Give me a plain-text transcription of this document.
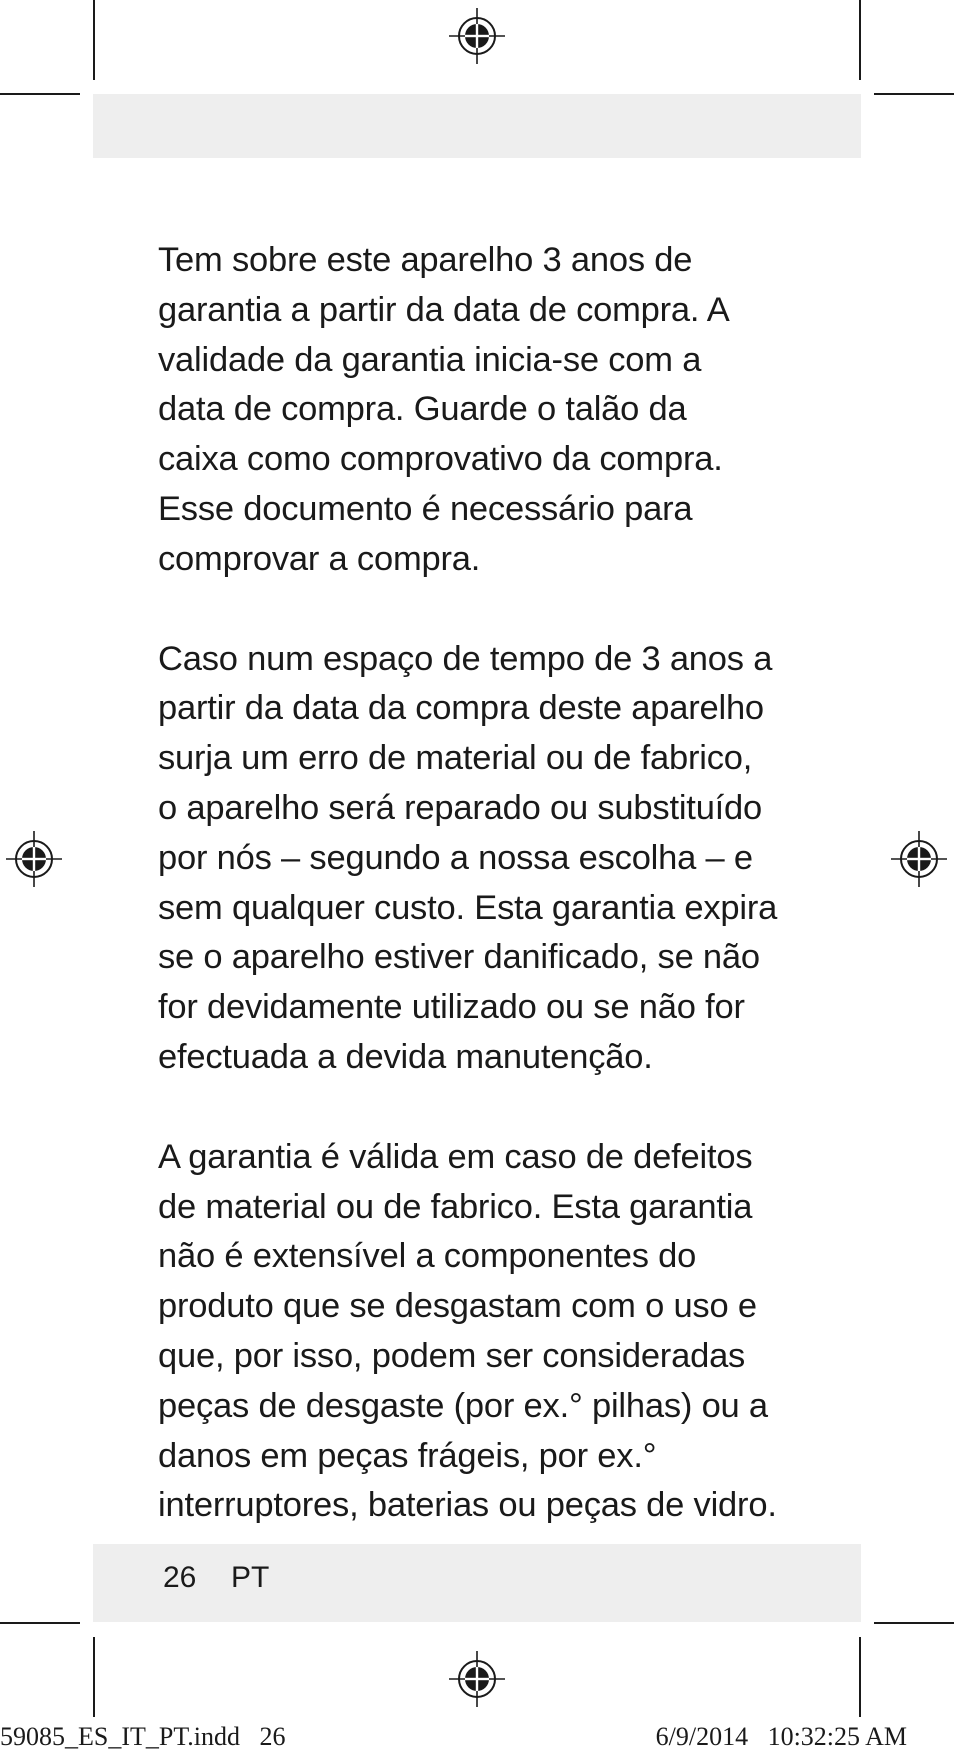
Tem sobre este aparelho 3 anos de
garantia a partir da data de compra. A
validade da garantia inicia-se com a
data de compra. Guarde o talão da
caixa como comprovativo da compra.
Esse documento é necessário para
comprovar a compra.

Caso num espaço de tempo de 3 anos a
partir da data da compra deste aparelho
surja um erro de material ou de fabrico,
o aparelho será reparado ou substituído
por nós – segundo a nossa escolha – e
sem qualquer custo. Esta garantia expira
se o aparelho estiver danificado, se não
for devidamente utilizado ou se não for
efectuada a devida manutenção.

A garantia é válida em caso de defeitos
de material ou de fabrico. Esta garantia
não é extensível a componentes do
produto que se desgastam com o uso e
que, por isso, podem ser consideradas
peças de desgaste (por ex.° pilhas) ou a
danos em peças frágeis, por ex.°
interruptores, baterias ou peças de vidro.

26 PT
59085_ES_IT_PT.indd   26	6/9/2014   10:32:25 AM
